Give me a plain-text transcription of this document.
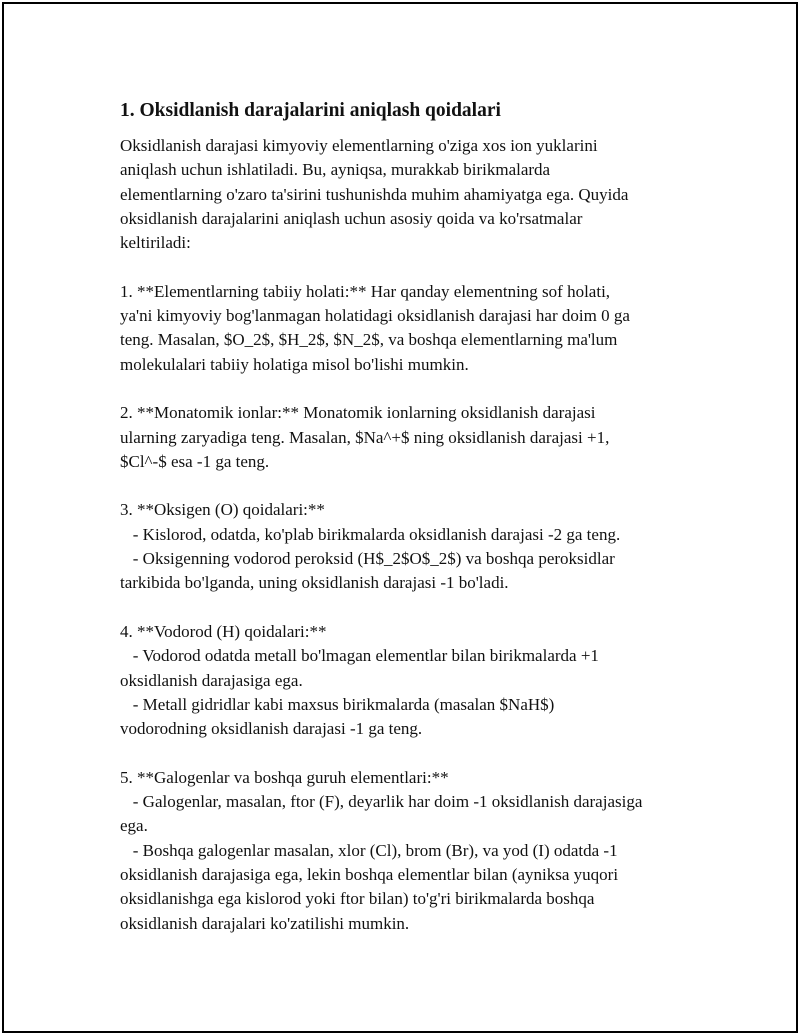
1. Oksidlanish darajalarini aniqlash qoidalari

Oksidlanish darajasi kimyoviy elementlarning o'ziga xos ion yuklarini
aniqlash uchun ishlatiladi. Bu, ayniqsa, murakkab birikmalarda
elementlarning o'zaro ta'sirini tushunishda muhim ahamiyatga ega. Quyida
oksidlanish darajalarini aniqlash uchun asosiy qoida va ko'rsatmalar
keltiriladi:

1. **Elementlarning tabiiy holati:** Har qanday elementning sof holati,
ya'ni kimyoviy bog'lanmagan holatidagi oksidlanish darajasi har doim 0 ga
teng. Masalan, $O_2$, $H_2$, $N_2$, va boshqa elementlarning ma'lum
molekulalari tabiiy holatiga misol bo'lishi mumkin.

2. **Monatomik ionlar:** Monatomik ionlarning oksidlanish darajasi
ularning zaryadiga teng. Masalan, $Na^+$ ning oksidlanish darajasi +1,
$Cl^-$ esa -1 ga teng.

3. **Oksigen (O) qoidalari:**
- Kislorod, odatda, ko'plab birikmalarda oksidlanish darajasi -2 ga teng.
- Oksigenning vodorod peroksid (H$_2$O$_2$) va boshqa peroksidlar
tarkibida bo'lganda, uning oksidlanish darajasi -1 bo'ladi.

4. **Vodorod (H) qoidalari:**
- Vodorod odatda metall bo'lmagan elementlar bilan birikmalarda +1
oksidlanish darajasiga ega.
- Metall gidridlar kabi maxsus birikmalarda (masalan $NaH$)
vodorodning oksidlanish darajasi -1 ga teng.

5. **Galogenlar va boshqa guruh elementlari:**
- Galogenlar, masalan, ftor (F), deyarlik har doim -1 oksidlanish darajasiga
ega.
- Boshqa galogenlar masalan, xlor (Cl), brom (Br), va yod (I) odatda -1
oksidlanish darajasiga ega, lekin boshqa elementlar bilan (ayniksa yuqori
oksidlanishga ega kislorod yoki ftor bilan) to'g'ri birikmalarda boshqa
oksidlanish darajalari ko'zatilishi mumkin.
